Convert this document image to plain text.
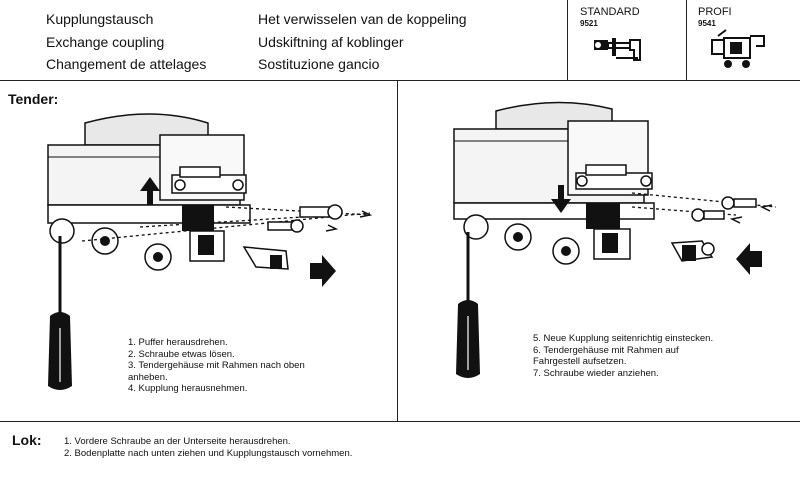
Kupplungstausch
Exchange coupling
Changement de attelages
Het verwisselen van de koppeling
Udskiftning af koblinger
Sostituzione gancio
STANDARD
9521
PROFI
9541
Tender:
1. Puffer herausdrehen.
2. Schraube etwas lösen.
3. Tendergehäuse mit Rahmen nach oben
anheben.
4. Kupplung herausnehmen.
5. Neue Kupplung seitenrichtig einstecken.
6. Tendergehäuse mit Rahmen auf
Fahrgestell aufsetzen.
7. Schraube wieder anziehen.
Lok: 1. Vordere Schraube an der Unterseite herausdrehen.
2. Bodenplatte nach unten ziehen und Kupplungstausch vornehmen.
